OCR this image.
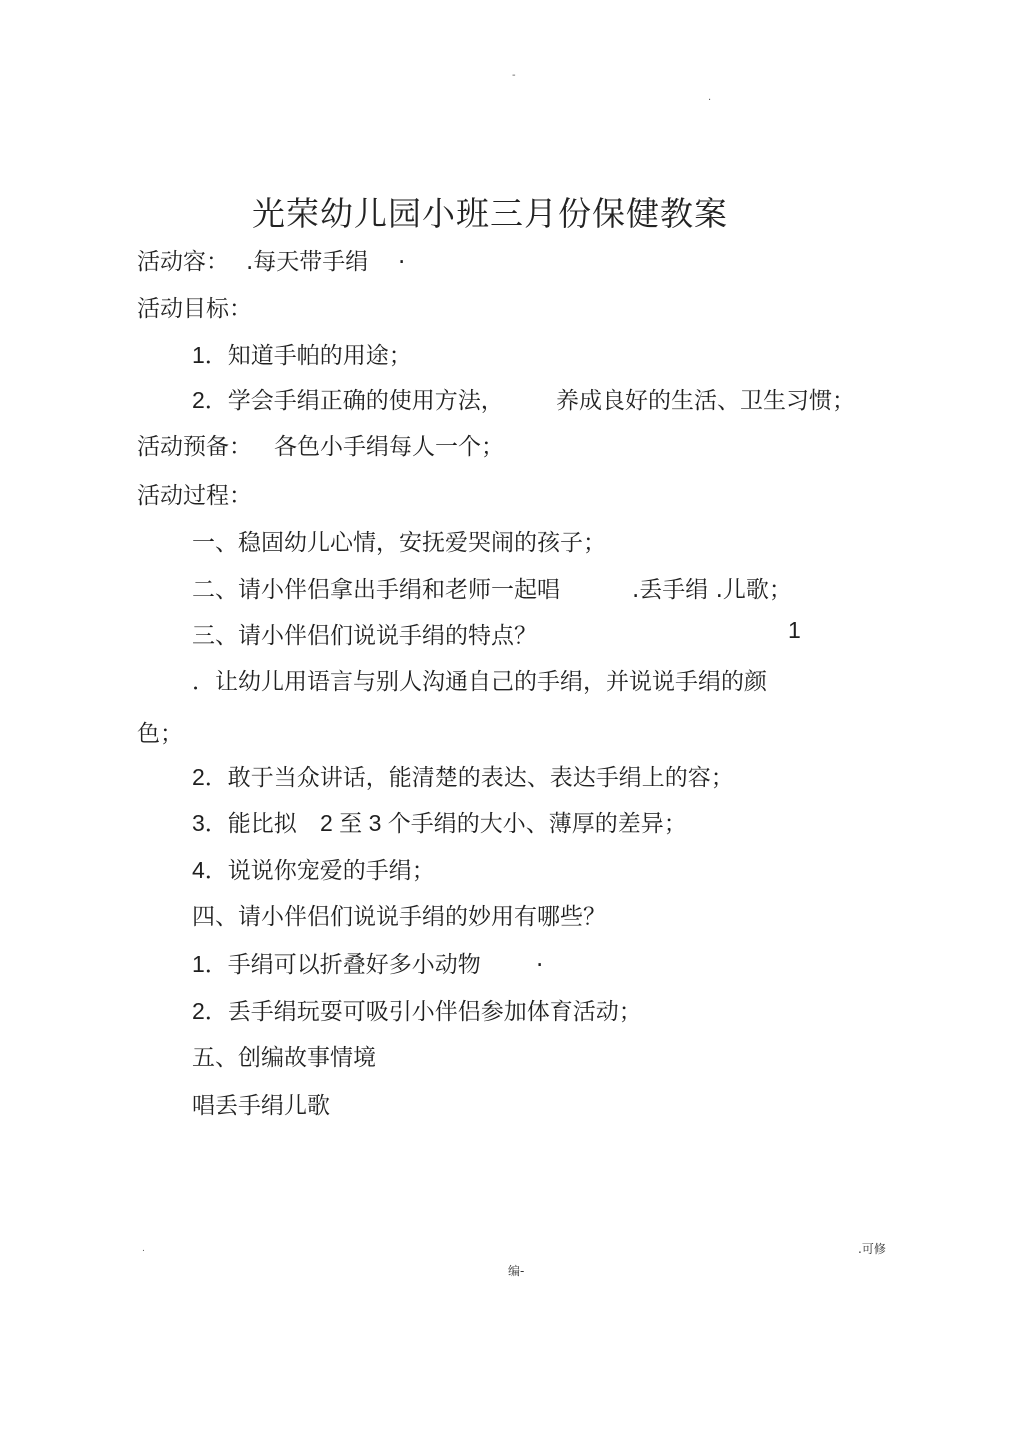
-
.
光荣幼儿园小班三月份保健教案
活动容： .每天带手绢 .
活动目标：
1．知道手帕的用途；
2．学会手绢正确的使用方法， 养成良好的生活、卫生习惯；
活动预备： 各色小手绢每人一个；
活动过程：
一、稳固幼儿心情，安抚爱哭闹的孩子；
二、请小伴侣拿出手绢和老师一起唱	.丢手绢 .儿歌；
三、请小伴侣们说说手绢的特点？	1
．让幼儿用语言与别人沟通自己的手绢，并说说手绢的颜
色；
2．敢于当众讲话，能清楚的表达、表达手绢上的容；
3．能比拟 2 至 3 个手绢的大小、薄厚的差异；
4．说说你宠爱的手绢；
四、请小伴侣们说说手绢的妙用有哪些？
1．手绢可以折叠好多小动物 .
2．丢手绢玩耍可吸引小伴侣参加体育活动；
五、创编故事情境
唱丢手绢儿歌
.	.可修
编-
